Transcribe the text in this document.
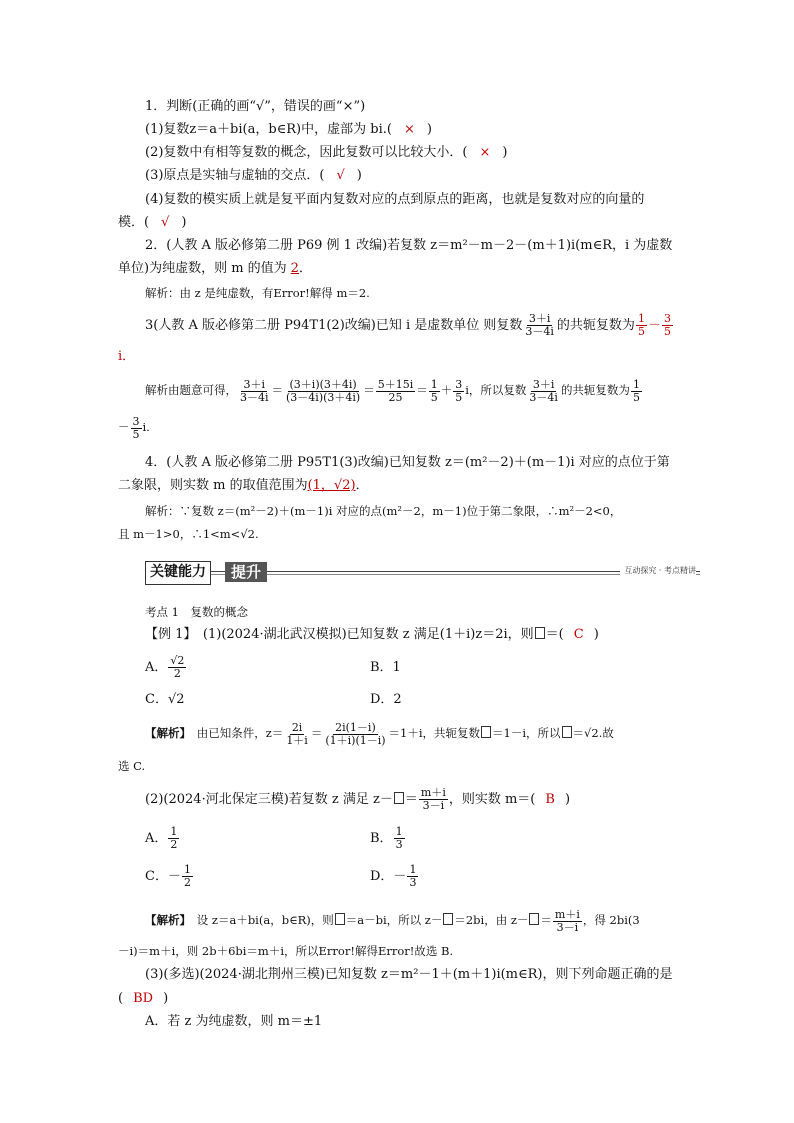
1．判断(正确的画“√”，错误的画“×”)
(1)复数z＝a＋bi(a，b∈R)中，虚部为 bi.( × )
(2)复数中有相等复数的概念，因此复数可以比较大小．( × )
(3)原点是实轴与虚轴的交点．( √ )
(4)复数的模实质上就是复平面内复数对应的点到原点的距离，也就是复数对应的向量的
模．( √ )
2．(人教 A 版必修第二册 P69 例 1 改编)若复数 z＝m²－m－2－(m＋1)i(m∈R，i 为虚数
单位)为纯虚数，则 m 的值为 2．
解析：由 z 是纯虚数，有Error!解得 m＝2.
3(人教 A 版必修第二册 P94T1(2)改编)已知 i 是虚数单位 则复数 $\frac{3+i}{3-4i}$ 的共轭复数为 $\frac{1}{5} - \frac{3}{5}$
i．
解析由题意可得， $\frac{3+i}{3-4i} = \frac{(3+i)(3+4i)}{(3-4i)(3+4i)} = \frac{5+15i}{25} = \frac{1}{5} + \frac{3}{5}$ i，所以复数 $\frac{3+i}{3-4i}$ 的共轭复数为 $\frac{1}{5}$
－ $\frac{3}{5} i$.
4．(人教 A 版必修第二册 P95T1(3)改编)已知复数 z＝(m²－2)＋(m－1)i 对应的点位于第
二象限，则实数 m 的取值范围为(1，√2)．
解析：∵复数 z＝(m²－2)＋(m－1)i 对应的点(m²－2，m－1)位于第二象限，∴m²－2<0，
且 m－1>0，∴1<m<√2.
关键能力	提升	互动探究 · 考点精讲
考点 1　复数的概念
【例 1】　(1)(2024·湖北武汉模拟)已知复数 z 满足(1＋i)z＝2i，则 ＝( C )
A． $\frac{√2}{2}$	B．1
C．√2	D．2
【解析】　由已知条件，$z= \frac{2i}{1+i} = \frac{2i(1-i)}{(1+i)(1-i)} =1+i$，共轭复数 ＝1－i，所以 ＝√2.故
选 C.
(2)(2024·河北保定三模)若复数 z 满足 $z- = \frac{m+i}{3-i}$ ，则实数 m＝( B )
A． $\frac{1}{2}$	B． $\frac{1}{3}$
C．－ $\frac{1}{2}$	D．－ $\frac{1}{3}$
【解析】　设 z＝a＋bi(a，b∈R)，则 ＝a－bi，所以 z－ ＝2bi，由 $z- = \frac{m+i}{3-i}$ ，得 2bi(3
－i)＝m＋i，则 2b＋6bi＝m＋i，所以Error!解得Error!故选 B.
(3)(多选)(2024·湖北荆州三模)已知复数 z＝m²－1＋(m＋1)i(m∈R)，则下列命题正确的是
( BD )
A．若 z 为纯虚数，则 m＝±1
